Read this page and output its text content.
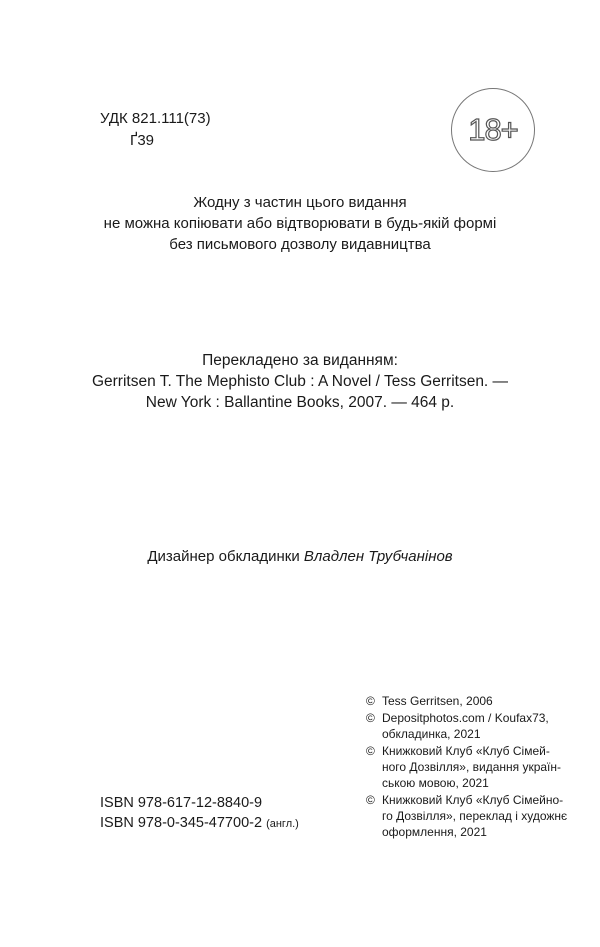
УДК 821.111(73)
Ґ39	18+
Жодну з частин цього видання
не можна копіювати або відтворювати в будь-якій формі
без письмового дозволу видавництва
Перекладено за виданням:
Gerritsen T. The Mephisto Club : A Novel / Tess Gerritsen. —
New York : Ballantine Books, 2007. — 464 p.
Дизайнер обкладинки Владлен Трубчанінов
© Tess Gerritsen, 2006
© Depositphotos.com / Koufax73,
обкладинка, 2021
© Книжковий Клуб «Клуб Сімей-
ного Дозвілля», видання україн-
ською мовою, 2021
© Книжковий Клуб «Клуб Сімейно-
го Дозвілля», переклад і художнє
оформлення, 2021
ISBN 978-617-12-8840-9
ISBN 978-0-345-47700-2 (англ.)
